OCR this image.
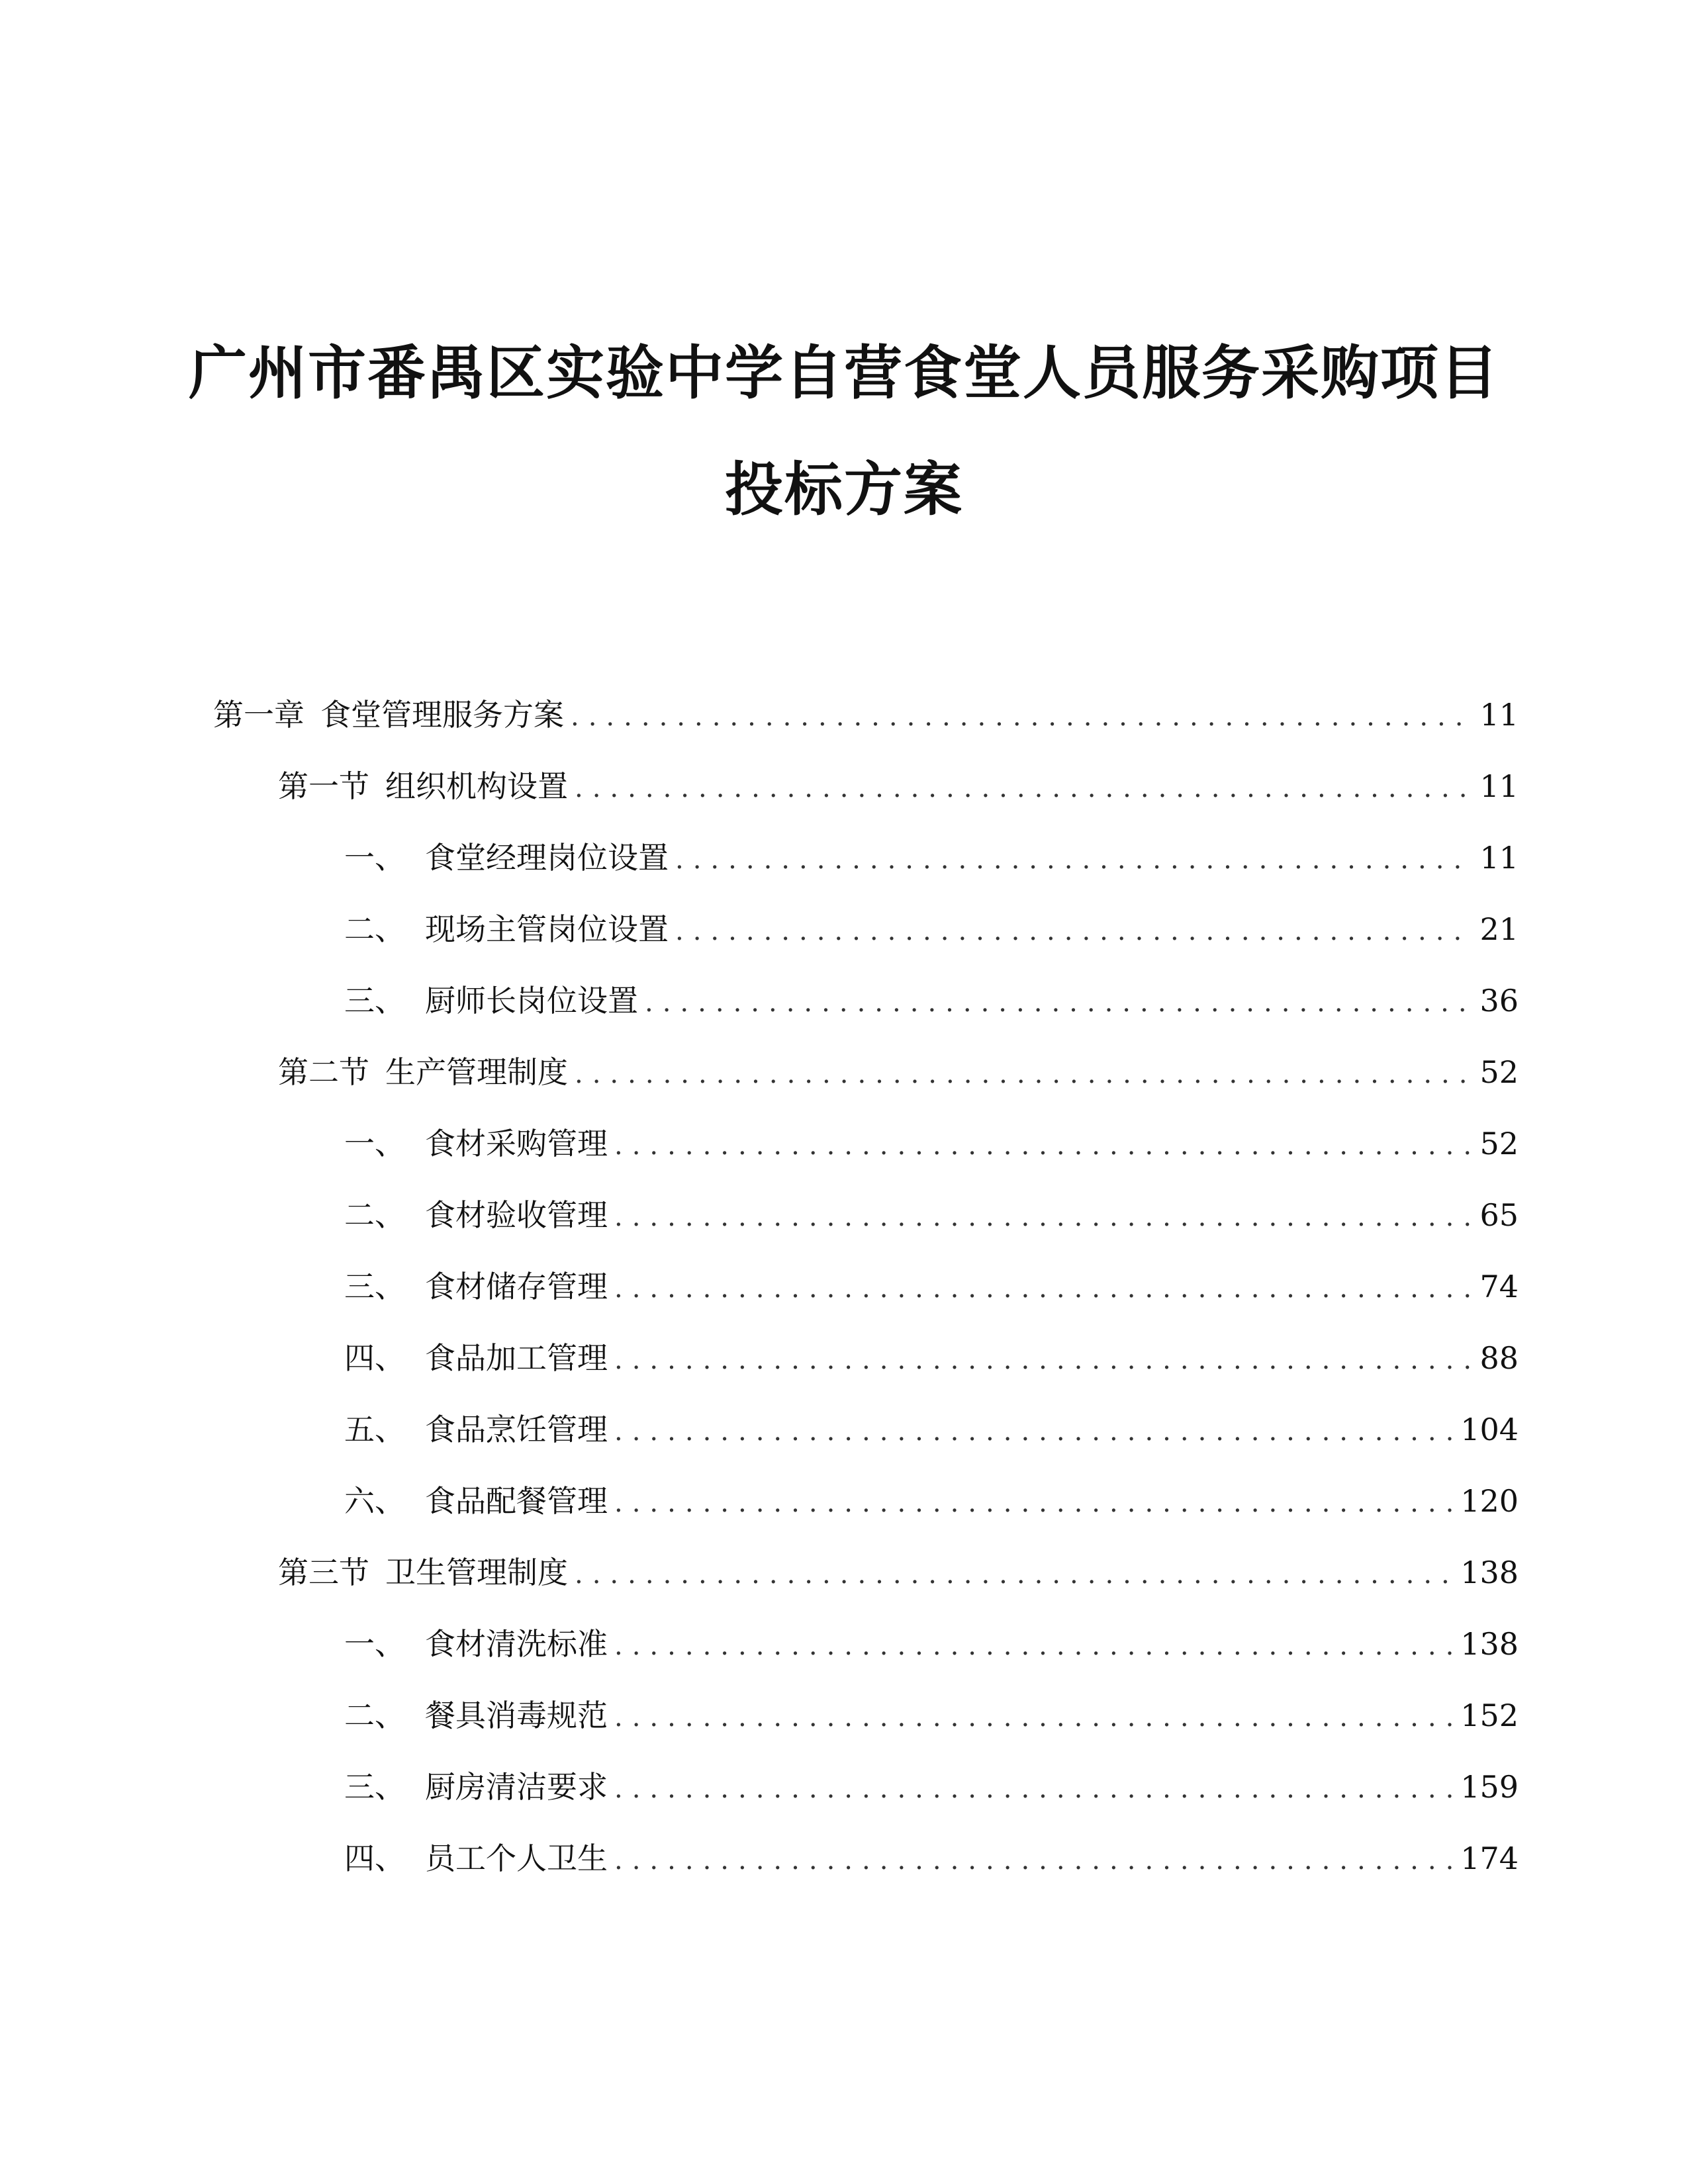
广州市番禺区实验中学自营食堂人员服务采购项目
投标方案
第一章 食堂管理服务方案 .....	11
第一节 组织机构设置 .....	11
一、 食堂经理岗位设置 .....	11
二、 现场主管岗位设置 .....	21
三、 厨师长岗位设置 .....	36
第二节 生产管理制度 .....	52
一、 食材采购管理 .....	52
二、 食材验收管理 .....	65
三、 食材储存管理 .....	74
四、 食品加工管理 .....	88
五、 食品烹饪管理 .....	104
六、 食品配餐管理 .....	120
第三节 卫生管理制度 .....	138
一、 食材清洗标准 .....	138
二、 餐具消毒规范 .....	152
三、 厨房清洁要求 .....	159
四、 员工个人卫生 .....	174
